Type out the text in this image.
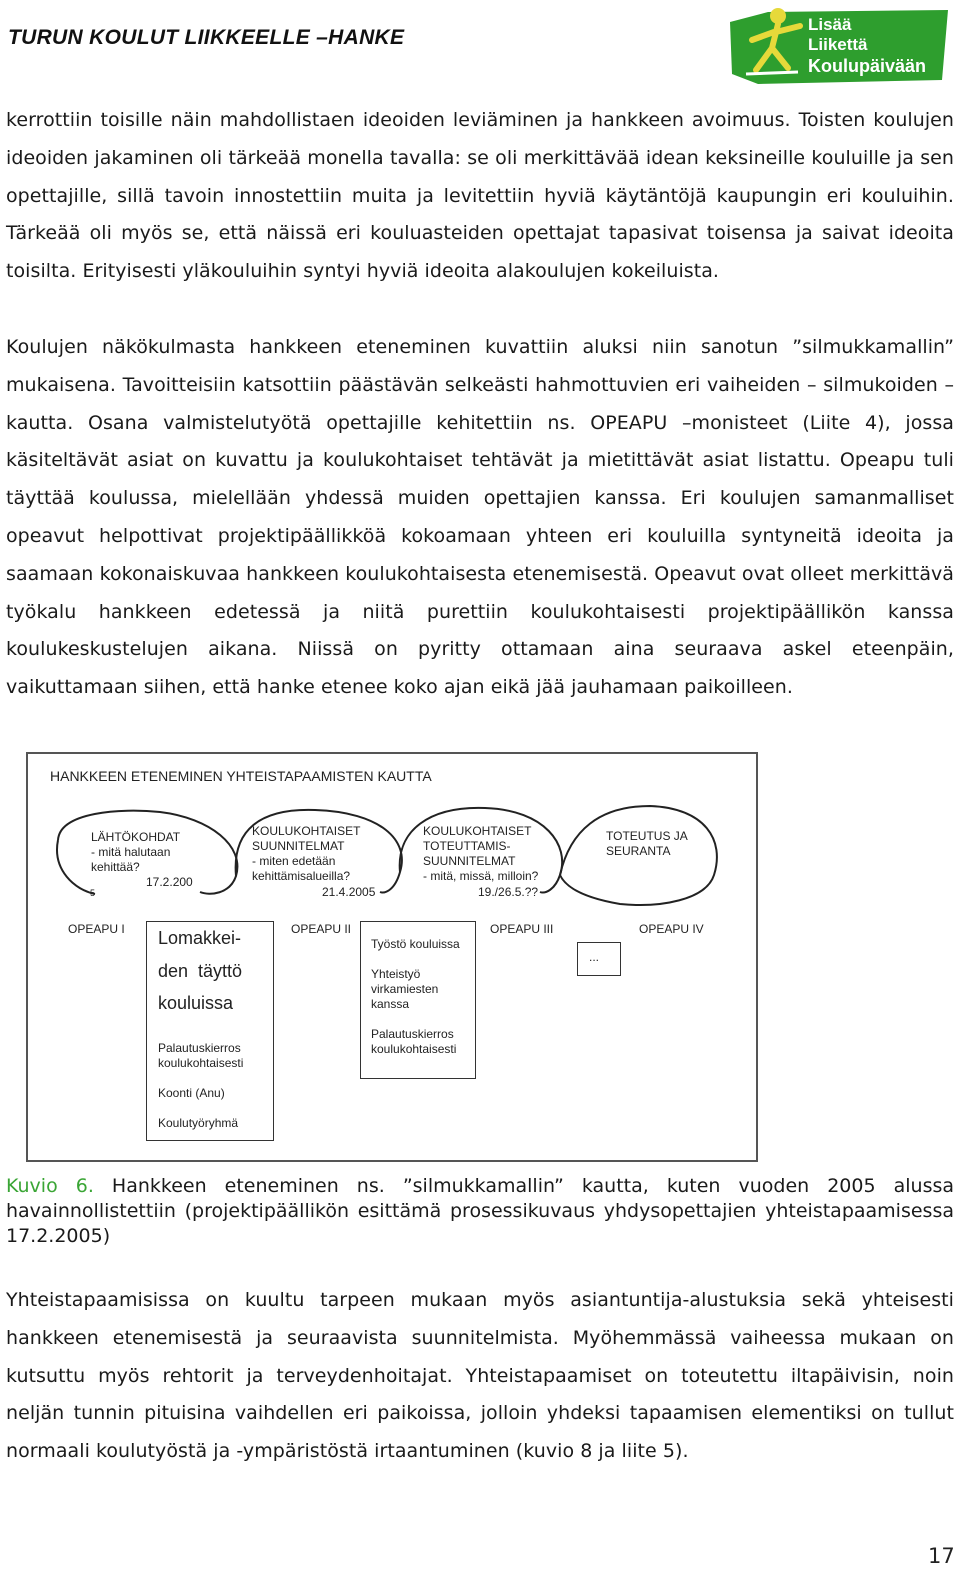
TURUN KOULUT LIIKKEELLE –HANKE
Lisää
Liikettä
Koulupäivään

kerrottiin toisille näin mahdollistaen ideoiden leviäminen ja hankkeen avoimuus. Toisten koulujen ideoiden jakaminen oli tärkeää monella tavalla: se oli merkittävää idean keksineille kouluille ja sen opettajille, sillä tavoin innostettiin muita ja levitettiin hyviä käytäntöjä kaupungin eri kouluihin. Tärkeää oli myös se, että näissä eri kouluasteiden opettajat tapasivat toisensa ja saivat ideoita toisilta. Erityisesti yläkouluihin syntyi hyviä ideoita alakoulujen kokeiluista.

Koulujen näkökulmasta hankkeen eteneminen kuvattiin aluksi niin sanotun ”silmukkamallin” mukaisena. Tavoitteisiin katsottiin päästävän selkeästi hahmottuvien eri vaiheiden – silmukoiden – kautta. Osana valmistelutyötä opettajille kehitettiin ns. OPEAPU –monisteet (Liite 4), jossa käsiteltävät asiat on kuvattu ja koulukohtaiset tehtävät ja mietittävät asiat listattu. Opeapu tuli täyttää koulussa, mielellään yhdessä muiden opettajien kanssa. Eri koulujen samanmalliset opeavut helpottivat projektipäällikköä kokoamaan yhteen eri kouluilla syntyneitä ideoita ja saamaan kokonaiskuvaa hankkeen koulukohtaisesta etenemisestä. Opeavut ovat olleet merkittävä työkalu hankkeen edetessä ja niitä purettiin koulukohtaisesti projektipäällikön kanssa koulukeskustelujen aikana. Niissä on pyritty ottamaan aina seuraava askel eteenpäin, vaikuttamaan siihen, että hanke etenee koko ajan eikä jää jauhamaan paikoilleen.

HANKKEEN ETENEMINEN YHTEISTAPAAMISTEN KAUTTA
LÄHTÖKOHDAT
- mitä halutaan
kehittää?
17.2.200
5
KOULUKOHTAISET
SUUNNITELMAT
- miten edetään
kehittämisalueilla?
21.4.2005
KOULUKOHTAISET
TOTEUTTAMIS-
SUUNNITELMAT
- mitä, missä, milloin?
19./26.5.??
TOTEUTUS JA
SEURANTA
OPEAPU I	OPEAPU II	OPEAPU III	OPEAPU IV
Lomakkei-
den  täyttö
kouluissa
Palautuskierros
koulukohtaisesti
Koonti (Anu)
Koulutyöryhmä
Työstö kouluissa
Yhteistyö
virkamiesten
kanssa
Palautuskierros
koulukohtaisesti
...

Kuvio 6. Hankkeen eteneminen ns. ”silmukkamallin” kautta, kuten vuoden 2005 alussa havainnollistettiin (projektipäällikön esittämä prosessikuvaus yhdysopettajien yhteistapaamisessa 17.2.2005)

Yhteistapaamisissa on kuultu tarpeen mukaan myös asiantuntija-alustuksia sekä yhteisesti hankkeen etenemisestä ja seuraavista suunnitelmista. Myöhemmässä vaiheessa mukaan on kutsuttu myös rehtorit ja terveydenhoitajat. Yhteistapaamiset on toteutettu iltapäivisin, noin neljän tunnin pituisina vaihdellen eri paikoissa, jolloin yhdeksi tapaamisen elementiksi on tullut normaali koulutyöstä ja -ympäristöstä irtaantuminen (kuvio 8 ja liite 5).

17
